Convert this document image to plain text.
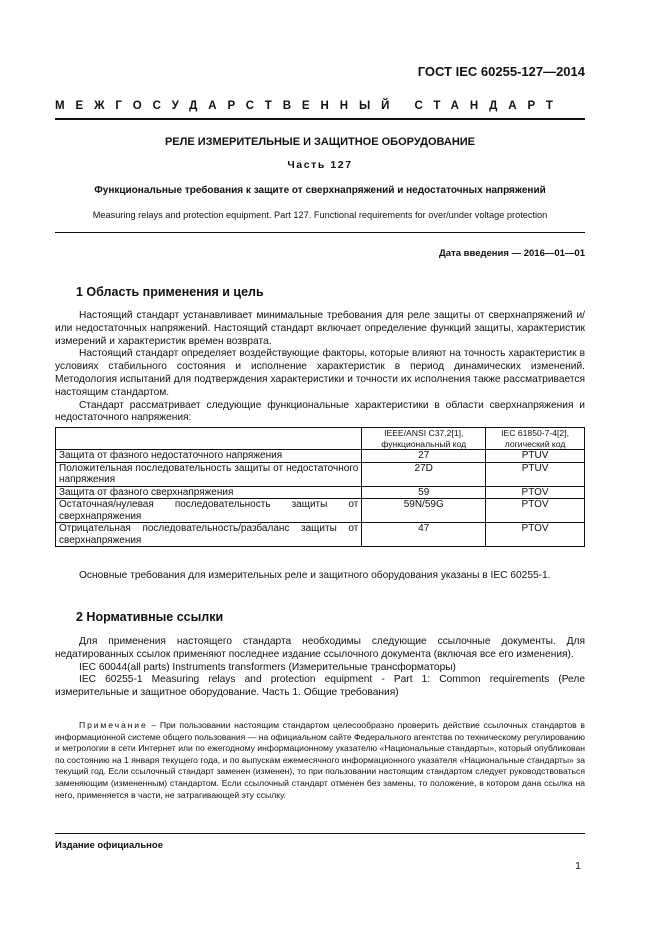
ГОСТ IEC 60255-127—2014
МЕЖГОСУДАРСТВЕННЫЙ СТАНДАРТ
РЕЛЕ ИЗМЕРИТЕЛЬНЫЕ И ЗАЩИТНОЕ ОБОРУДОВАНИЕ
Часть 127
Функциональные требования к защите от сверхнапряжений и недостаточных напряжений
Measuring relays and protection equipment. Part 127. Functional requirements for over/under voltage protection
Дата введения — 2016—01—01
1 Область применения и цель

Настоящий стандарт устанавливает минимальные требования для реле защиты от сверхнапряжений и/или недостаточных напряжений. Настоящий стандарт включает определение функций защиты, характеристик измерений и характеристик времен возврата.

Настоящий стандарт определяет воздействующие факторы, которые влияют на точность характеристик в условиях стабильного состояния и исполнение характеристик в период динамических изменений. Методология испытаний для подтверждения характеристики и точности их исполнения также рассматривается настоящим стандартом.

Стандарт рассматривает следующие функциональные характеристики в области сверхнапряжения и недостаточного напряжения:

	IEEE/ANSI C37.2[1], функциональный код	IEC 61850-7-4[2], логический код
Защита от фазного недостаточного напряжения	27	PTUV
Положительная последовательность защиты от недостаточного напряжения	27D	PTUV
Защита от фазного сверхнапряжения	59	PTOV
Остаточная/нулевая последовательность защиты от сверхнапряжения	59N/59G	PTOV
Отрицательная последовательность/разбаланс защиты от сверхнапряжения	47	PTOV

Основные требования для измерительных реле и защитного оборудования указаны в IEC 60255-1.

2 Нормативные ссылки

Для применения настоящего стандарта необходимы следующие ссылочные документы. Для недатированных ссылок применяют последнее издание ссылочного документа (включая все его изменения).

IEC 60044(all parts) Instruments transformers (Измерительные трансформаторы)

IEC 60255-1 Measuring relays and protection equipment - Part 1: Common requirements (Реле измерительные и защитное оборудование. Часть 1. Общие требования)

Примечание – При пользовании настоящим стандартом целесообразно проверить действие ссылочных стандартов в информационной системе общего пользования — на официальном сайте Федерального агентства по техническому регулированию и метрологии в сети Интернет или по ежегодному информационному указателю «Национальные стандарты», который опубликован по состоянию на 1 января текущего года, и по выпускам ежемесячного информационного указателя «Национальные стандарты» за текущий год. Если ссылочный стандарт заменен (изменен), то при пользовании настоящим стандартом следует руководствоваться заменяющим (измененным) стандартом. Если ссылочный стандарт отменен без замены, то положение, в котором дана ссылка на него, применяется в части, не затрагивающей эту ссылку.

Издание официальное
1
